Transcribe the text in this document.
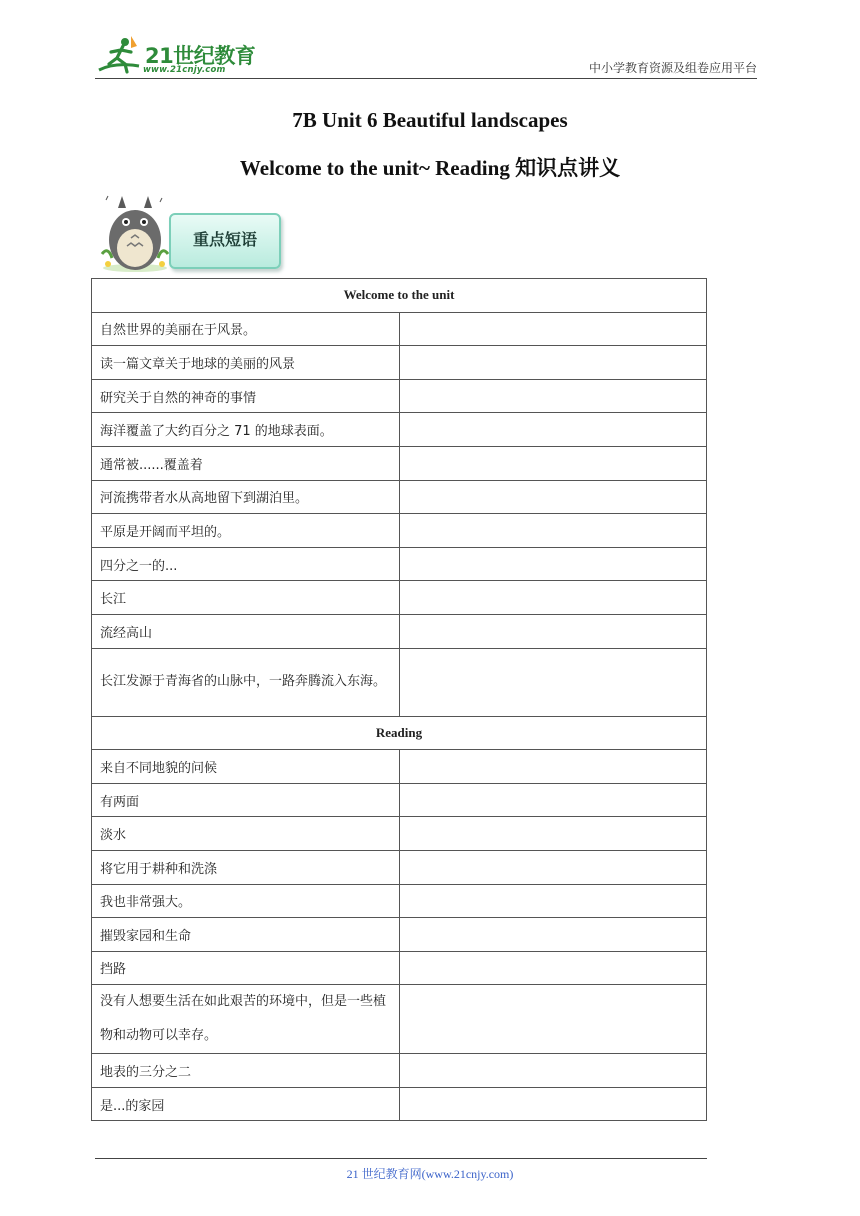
21世纪教育
www.21cnjy.com	中小学教育资源及组卷应用平台
7B Unit 6 Beautiful landscapes
Welcome to the unit~ Reading 知识点讲义
重点短语
Welcome to the unit	
自然世界的美丽在于风景。	
读一篇文章关于地球的美丽的风景	
研究关于自然的神奇的事情	
海洋覆盖了大约百分之 71 的地球表面。	
通常被......覆盖着	
河流携带者水从高地留下到湖泊里。	
平原是开阔而平坦的。	
四分之一的...	
长江	
流经高山	
长江发源于青海省的山脉中，一路奔腾流入东海。	
Reading	
来自不同地貌的问候	
有两面	
淡水	
将它用于耕种和洗涤	
我也非常强大。	
摧毁家园和生命	
挡路	
没有人想要生活在如此艰苦的环境中，但是一些植物和动物可以幸存。	
地表的三分之二	
是...的家园	
21 世纪教育网(www.21cnjy.com)
